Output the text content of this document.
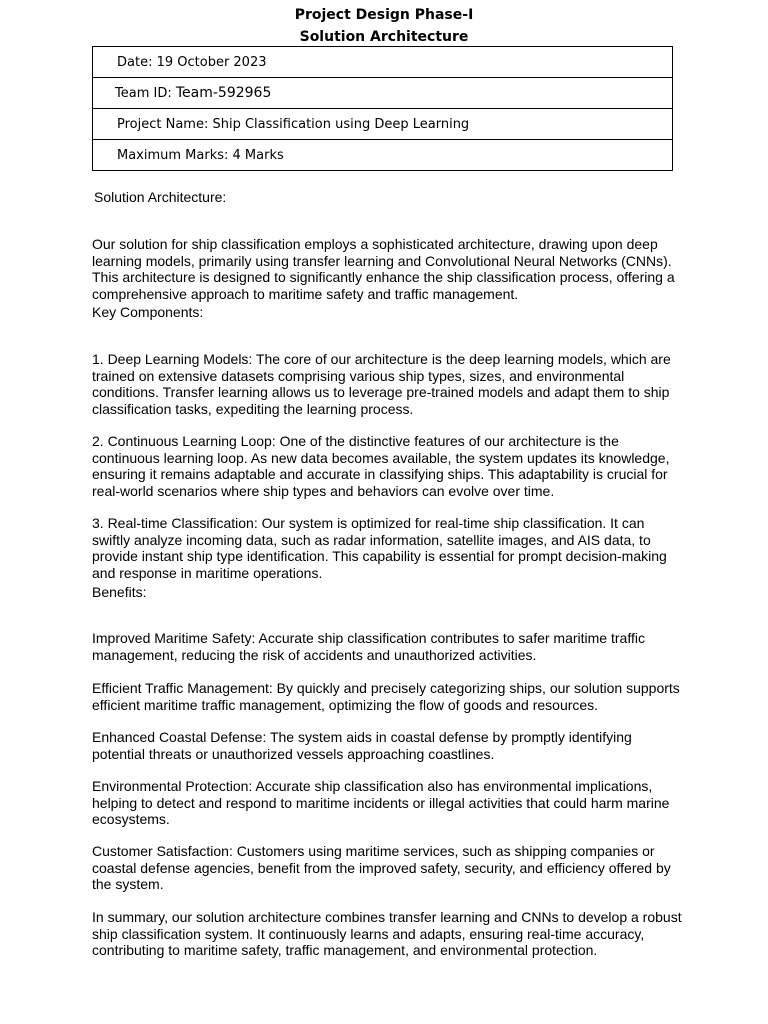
Project Design Phase-I
Solution Architecture
Date: 19 October 2023
Team ID: Team-592965
Project Name: Ship Classification using Deep Learning
Maximum Marks: 4 Marks
Solution Architecture:

Our solution for ship classification employs a sophisticated architecture, drawing upon deep learning models, primarily using transfer learning and Convolutional Neural Networks (CNNs). This architecture is designed to significantly enhance the ship classification process, offering a comprehensive approach to maritime safety and traffic management.

Key Components:

1. Deep Learning Models: The core of our architecture is the deep learning models, which are trained on extensive datasets comprising various ship types, sizes, and environmental conditions. Transfer learning allows us to leverage pre-trained models and adapt them to ship classification tasks, expediting the learning process.

2. Continuous Learning Loop: One of the distinctive features of our architecture is the continuous learning loop. As new data becomes available, the system updates its knowledge, ensuring it remains adaptable and accurate in classifying ships. This adaptability is crucial for real-world scenarios where ship types and behaviors can evolve over time.

3. Real-time Classification: Our system is optimized for real-time ship classification. It can swiftly analyze incoming data, such as radar information, satellite images, and AIS data, to provide instant ship type identification. This capability is essential for prompt decision-making and response in maritime operations.

Benefits:

Improved Maritime Safety: Accurate ship classification contributes to safer maritime traffic management, reducing the risk of accidents and unauthorized activities.

Efficient Traffic Management: By quickly and precisely categorizing ships, our solution supports efficient maritime traffic management, optimizing the flow of goods and resources.

Enhanced Coastal Defense: The system aids in coastal defense by promptly identifying potential threats or unauthorized vessels approaching coastlines.

Environmental Protection: Accurate ship classification also has environmental implications, helping to detect and respond to maritime incidents or illegal activities that could harm marine ecosystems.

Customer Satisfaction: Customers using maritime services, such as shipping companies or coastal defense agencies, benefit from the improved safety, security, and efficiency offered by the system.

In summary, our solution architecture combines transfer learning and CNNs to develop a robust ship classification system. It continuously learns and adapts, ensuring real-time accuracy, contributing to maritime safety, traffic management, and environmental protection.
